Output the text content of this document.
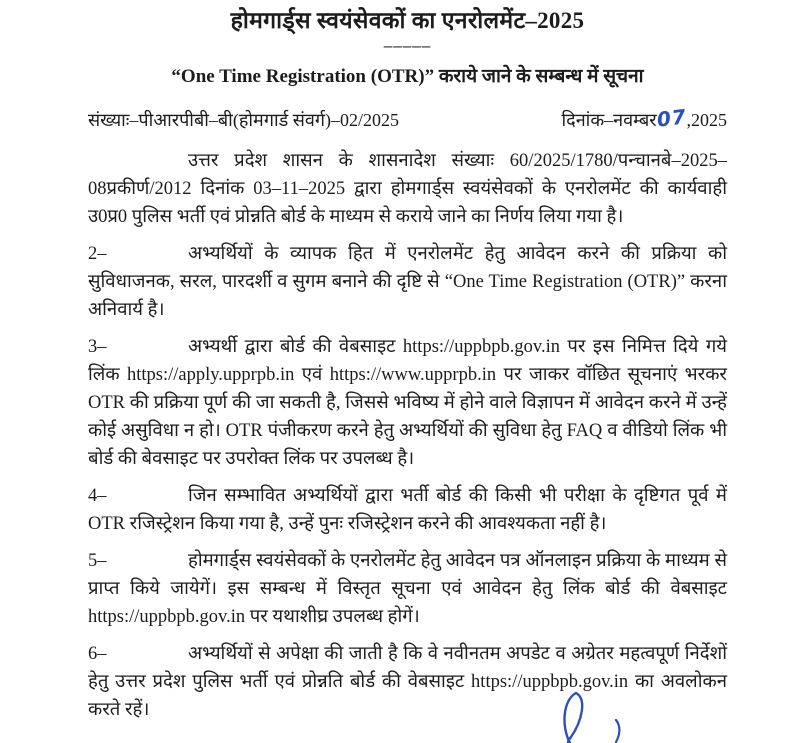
होमगार्ड्स स्वयंसेवकों का एनरोलमेंट–2025
–––––
“One Time Registration (OTR)” कराये जाने के सम्बन्ध में सूचना
संख्याः–पीआरपीबी–बी(होमगार्ड संवर्ग)–02/2025	दिनांक–नवम्बर07,2025

उत्तर प्रदेश शासन के शासनादेश संख्याः 60/2025/1780/पन्चानबे–2025–08प्रकीर्ण/2012 दिनांक 03–11–2025 द्वारा होमगार्ड्स स्वयंसेवकों के एनरोलमेंट की कार्यवाही उ0प्र0 पुलिस भर्ती एवं प्रोन्नति बोर्ड के माध्यम से कराये जाने का निर्णय लिया गया है।

2–	अभ्यर्थियों के व्यापक हित में एनरोलमेंट हेतु आवेदन करने की प्रक्रिया को सुविधाजनक, सरल, पारदर्शी व सुगम बनाने की दृष्टि से “One Time Registration (OTR)” करना अनिवार्य है।

3–	अभ्यर्थी द्वारा बोर्ड की वेबसाइट https://uppbpb.gov.in पर इस निमित्त दिये गये लिंक https://apply.upprpb.in एवं https://www.upprpb.in पर जाकर वॉछित सूचनाएं भरकर OTR की प्रक्रिया पूर्ण की जा सकती है, जिससे भविष्य में होने वाले विज्ञापन में आवेदन करने में उन्हें कोई असुविधा न हो। OTR पंजीकरण करने हेतु अभ्यर्थियों की सुविधा हेतु FAQ व वीडियो लिंक भी बोर्ड की बेवसाइट पर उपरोक्त लिंक पर उपलब्ध है।

4–	जिन सम्भावित अभ्यर्थियों द्वारा भर्ती बोर्ड की किसी भी परीक्षा के दृष्टिगत पूर्व में OTR रजिस्ट्रेशन किया गया है, उन्हें पुनः रजिस्ट्रेशन करने की आवश्यकता नहीं है।

5–	होमगार्ड्स स्वयंसेवकों के एनरोलमेंट हेतु आवेदन पत्र ऑनलाइन प्रक्रिया के माध्यम से प्राप्त किये जायेगें। इस सम्बन्ध में विस्तृत सूचना एवं आवेदन हेतु लिंक बोर्ड की वेबसाइट https://uppbpb.gov.in पर यथाशीघ्र उपलब्ध होगें।

6–	अभ्यर्थियों से अपेक्षा की जाती है कि वे नवीनतम अपडेट व अग्रेतर महत्वपूर्ण निर्देशों हेतु उत्तर प्रदेश पुलिस भर्ती एवं प्रोन्नति बोर्ड की वेबसाइट https://uppbpb.gov.in का अवलोकन करते रहें।
